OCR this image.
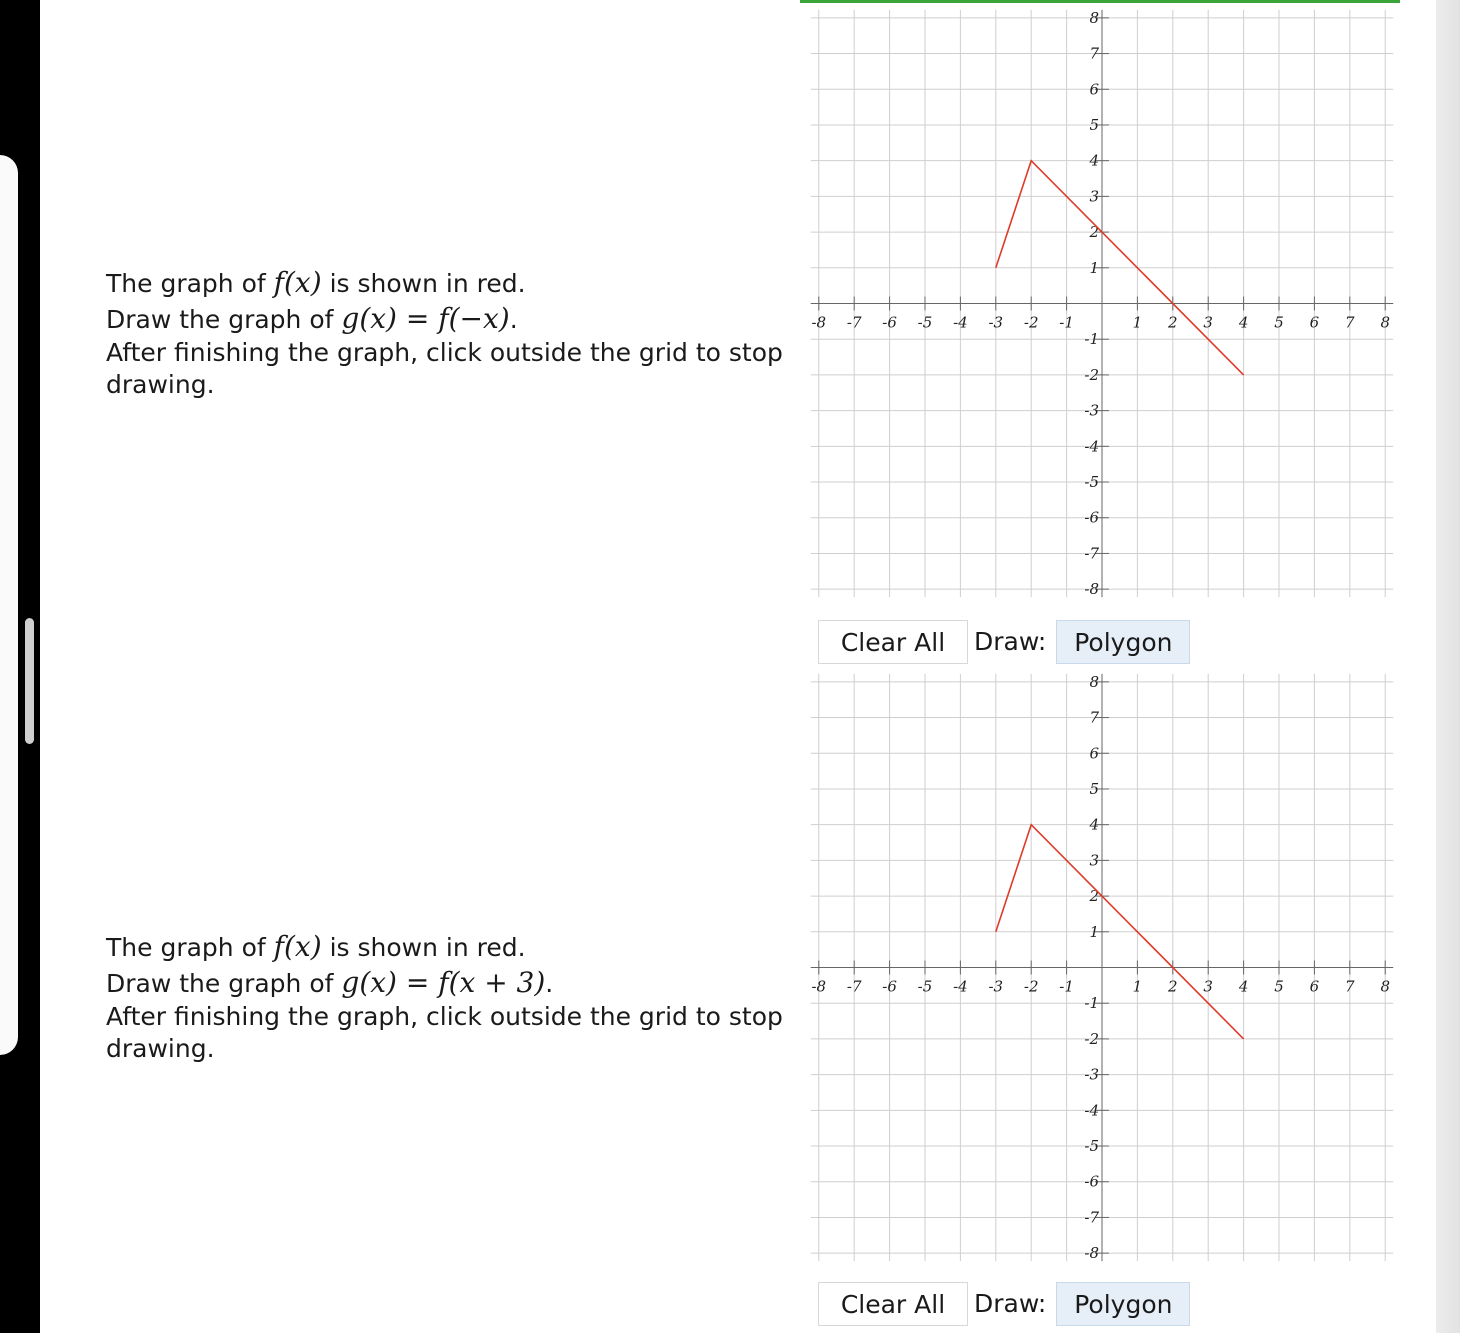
The graph of f(x) is shown in red.

Draw the graph of g(x) = f(−x).

After finishing the graph, click outside the grid to stop drawing.

-8 -7 -6 -5 -4 -3 -2 -1	1 2 3 4 5 6 7 8
8
7
6
5
4
3
2
1
-1
-2
-3
-4
-5
-6
-7
-8
Clear All	Draw:	Polygon

The graph of f(x) is shown in red.

Draw the graph of g(x) = f(x + 3).

After finishing the graph, click outside the grid to stop drawing.

-8 -7 -6 -5 -4 -3 -2 -1	1 2 3 4 5 6 7 8
8
7
6
5
4
3
2
1
-1
-2
-3
-4
-5
-6
-7
-8
Clear All	Draw:	Polygon
